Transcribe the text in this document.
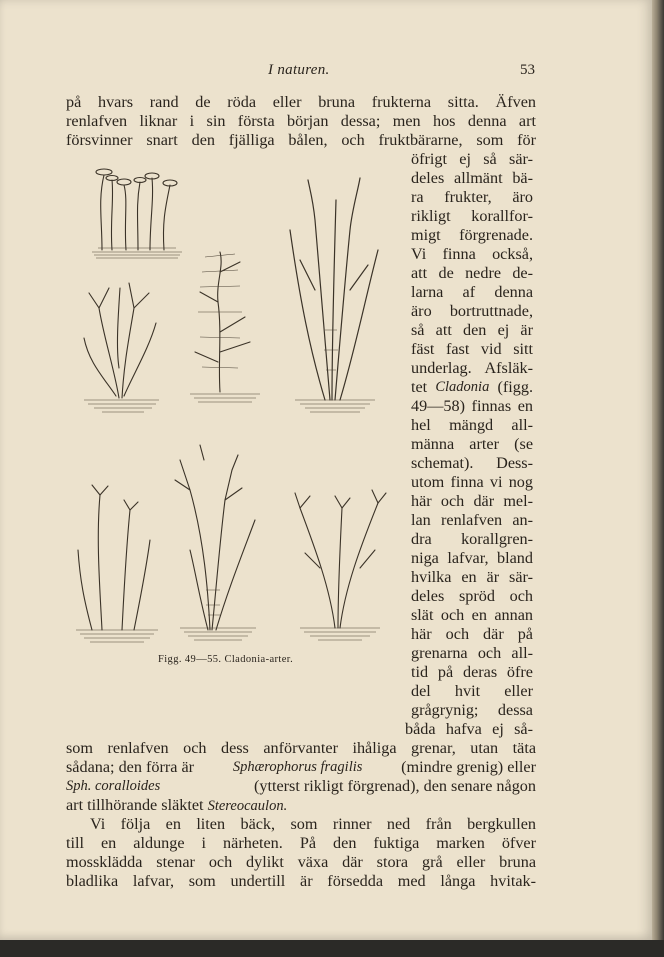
I naturen.	53
på hvars rand de röda eller bruna frukterna sitta. Äfven
renlafven liknar i sin första början dessa; men hos denna art
försvinner snart den fjälliga bålen, och fruktbärarne, som för
öfrigt ej så sär-
deles allmänt bä-
ra frukter, äro
rikligt korallfor-
migt förgrenade.
Vi finna också,
att de nedre de-
larna af denna
äro bortruttnade,
så att den ej är
fäst fast vid sitt
underlag. Afsläk-
tet Cladonia (figg.
49—58) finnas en
hel mängd all-
männa arter (se
schemat). Dess-
utom finna vi nog
här och där mel-
lan renlafven an-
dra korallgren-
niga lafvar, bland
hvilka en är sär-
deles spröd och
slät och en annan
här och där på
grenarna och all-
tid på deras öfre
del hvit eller
grågrynig; dessa
båda hafva ej så-
som renlafven och dess anförvanter ihåliga grenar, utan täta
sådana; den förra är	Sphærophorus fragilis (mindre grenig) eller
Sph. coralloides	(ytterst rikligt förgrenad), den senare någon
art tillhörande släktet Stereocaulon.
Vi följa en liten bäck, som rinner ned från bergkullen
till en aldunge i närheten. På den fuktiga marken öfver
mossklädda stenar och dylikt växa där stora grå eller bruna
bladlika lafvar, som undertill är försedda med långa hvitak-
Figg. 49—55. Cladonia-arter.
